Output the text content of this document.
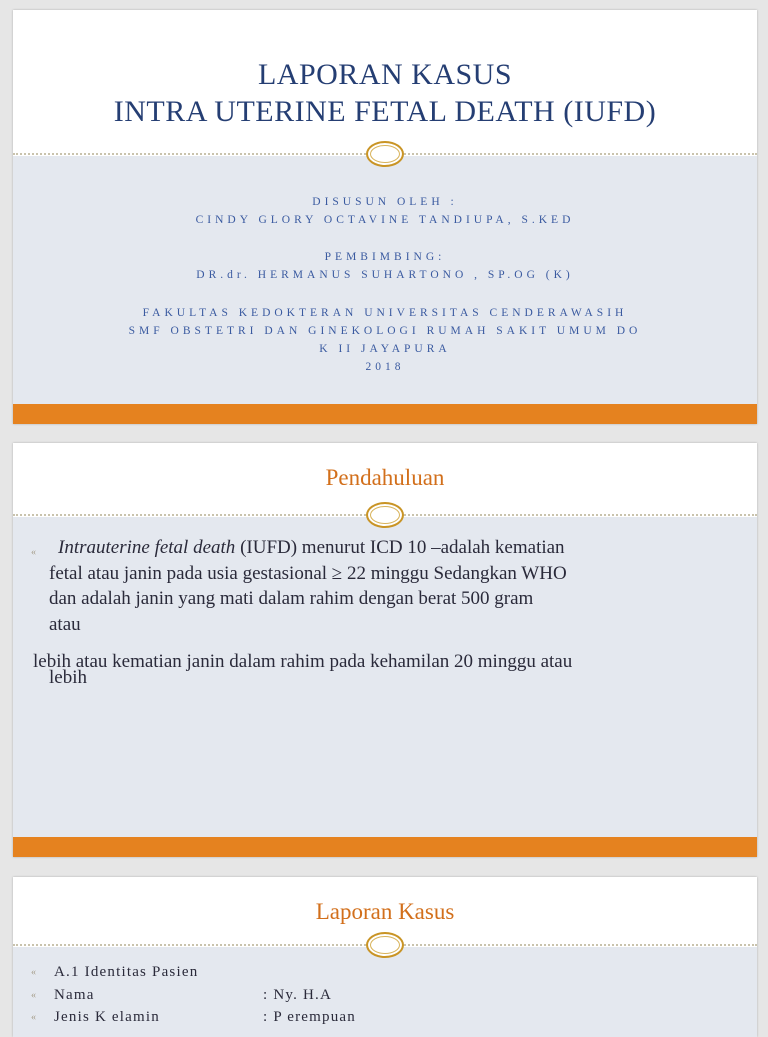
LAPORAN KASUS
INTRA UTERINE FETAL DEATH (IUFD)
DISUSUN OLEH :
CINDY GLORY OCTAVINE TANDIUPA, S.KED
PEMBIMBING:
DR.dr. HERMANUS SUHARTONO , SP.OG (K)
FAKULTAS KEDOKTERAN UNIVERSITAS CENDERAWASIH
SMF OBSTETRI DAN GINEKOLOGI RUMAH SAKIT UMUM DO
K II JAYAPURA
2018
Pendahuluan
« Intrauterine fetal death (IUFD) menurut ICD 10 –adalah kematian
fetal atau janin pada usia gestasional ≥ 22 minggu Sedangkan WHO
dan adalah janin yang mati dalam rahim dengan berat 500 gram
atau
lebih atau kematian janin dalam rahim pada kehamilan 20 minggu atau
lebih
Laporan Kasus
« A.1 Identitas Pasien
« Nama	: Ny. H.A
« Jenis K elamin	: P erempuan
